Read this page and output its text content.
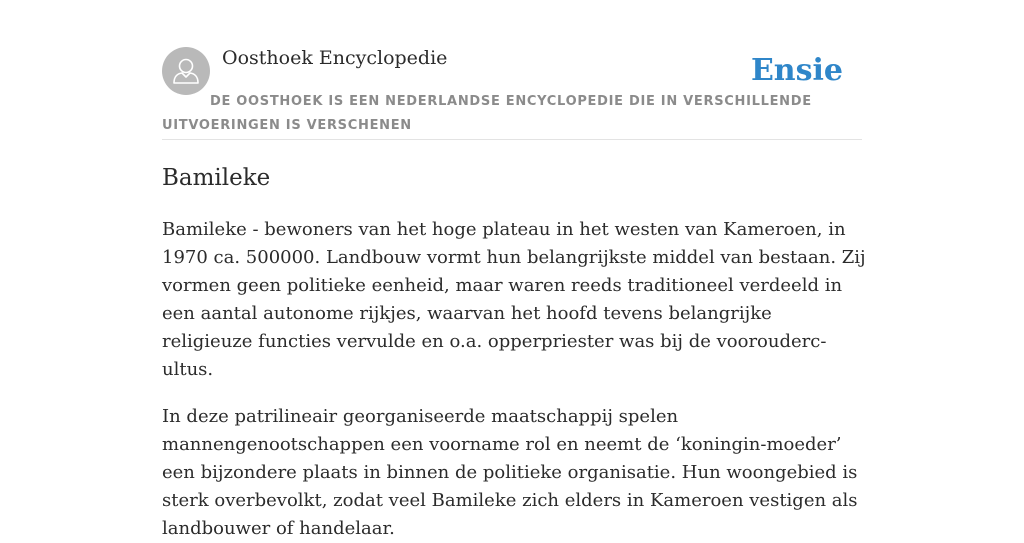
Oosthoek Encyclopedie	Ensie
DE OOSTHOEK IS EEN NEDERLANDSE ENCYCLOPEDIE DIE IN VERSCHILLENDE UITVOERINGEN IS VERSCHENEN
Bamileke

Bamileke - bewoners van het hoge plateau in het westen van Kameroen, in 1970 ca. 500000. Landbouw vormt hun belangrijkste middel van bestaan. Zij vormen geen politieke eenheid, maar waren reeds traditioneel verdeeld in een aantal autonome rijkjes, waarvan het hoofd tevens belangrijke religieuze functies vervulde en o.a. opperpriester was bij de vooroudercultus.

In deze patrilineair georganiseerde maatschappij spelen mannengenootschappen een voorname rol en neemt de ‘koningin-moeder’ een bijzondere plaats in binnen de politieke organisatie. Hun woongebied is sterk overbevolkt, zodat veel Bamileke zich elders in Kameroen vestigen als landbouwer of handelaar.
